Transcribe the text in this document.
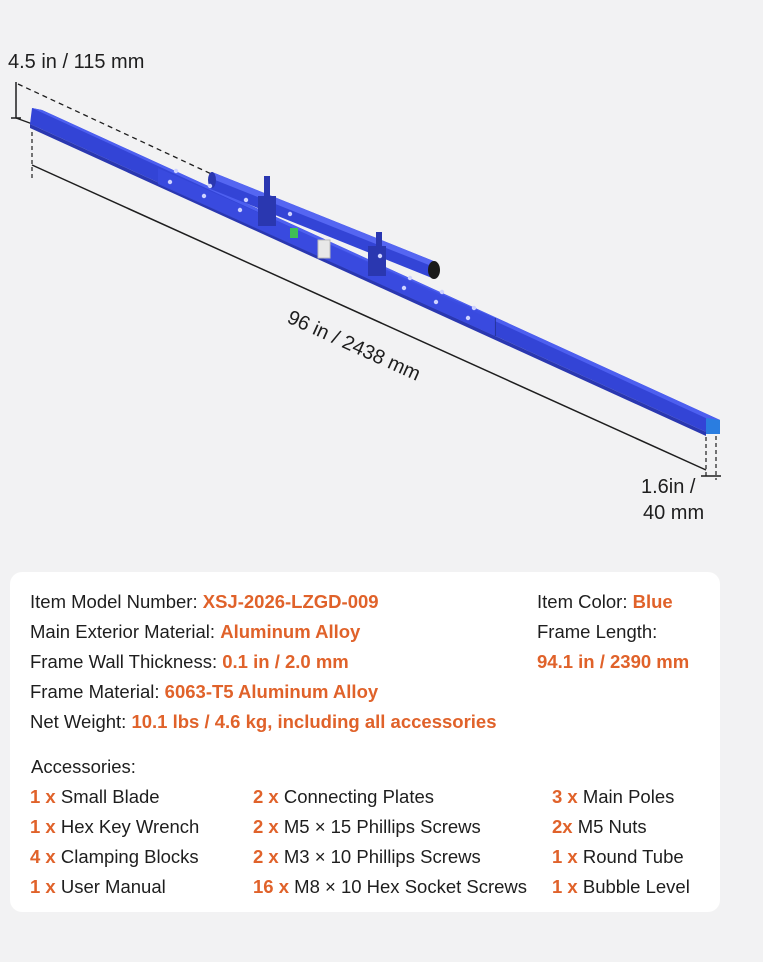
96 in / 2438 mm
4.5 in / 115 mm
1.6in /
40 mm
Item Model Number: XSJ-2026-LZGD-009
Main Exterior Material: Aluminum Alloy
Frame Wall Thickness: 0.1 in / 2.0 mm
Frame Material: 6063-T5 Aluminum Alloy
Net Weight: 10.1 lbs / 4.6 kg, including all accessories
Item Color: Blue
Frame Length:
94.1 in / 2390 mm
Accessories:
1 x Small Blade	2 x Connecting Plates	3 x Main Poles
1 x Hex Key Wrench	2 x M5 × 15 Phillips Screws	2x M5 Nuts
4 x Clamping Blocks	2 x M3 × 10 Phillips Screws	1 x Round Tube
1 x User Manual	16 x M8 × 10 Hex Socket Screws 1 x Bubble Level
